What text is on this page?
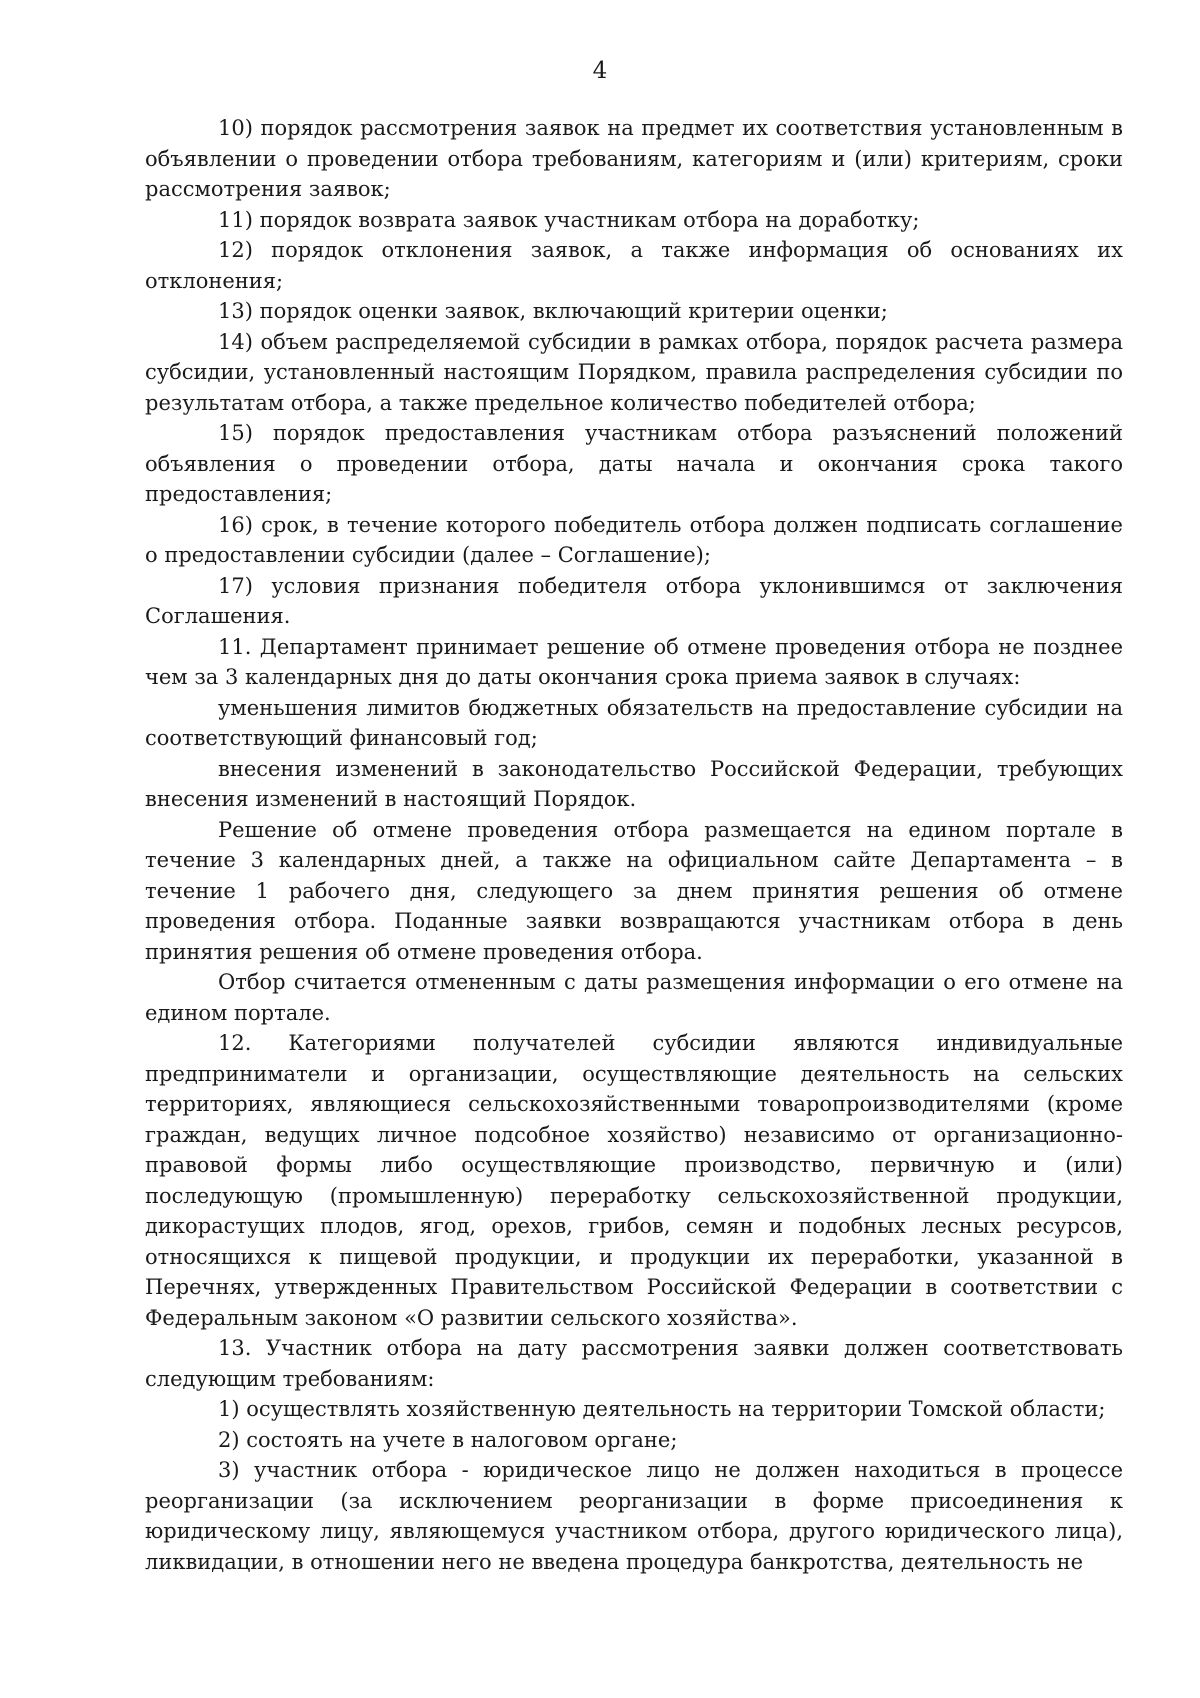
4

10) порядок рассмотрения заявок на предмет их соответствия установленным в объявлении о проведении отбора требованиям, категориям и (или) критериям, сроки рассмотрения заявок;

11) порядок возврата заявок участникам отбора на доработку;

12) порядок отклонения заявок, а также информация об основаниях их отклонения;

13) порядок оценки заявок, включающий критерии оценки;

14) объем распределяемой субсидии в рамках отбора, порядок расчета размера субсидии, установленный настоящим Порядком, правила распределения субсидии по результатам отбора, а также предельное количество победителей отбора;

15) порядок предоставления участникам отбора разъяснений положений объявления о проведении отбора, даты начала и окончания срока такого предоставления;

16) срок, в течение которого победитель отбора должен подписать соглашение о предоставлении субсидии (далее – Соглашение);

17) условия признания победителя отбора уклонившимся от заключения Соглашения.

11. Департамент принимает решение об отмене проведения отбора не позднее чем за 3 календарных дня до даты окончания срока приема заявок в случаях:

уменьшения лимитов бюджетных обязательств на предоставление субсидии на соответствующий финансовый год;

внесения изменений в законодательство Российской Федерации, требующих внесения изменений в настоящий Порядок.

Решение об отмене проведения отбора размещается на едином портале в течение 3 календарных дней, а также на официальном сайте Департамента – в течение 1 рабочего дня, следующего за днем принятия решения об отмене проведения отбора. Поданные заявки возвращаются участникам отбора в день принятия решения об отмене проведения отбора.

Отбор считается отмененным с даты размещения информации о его отмене на едином портале.

12. Категориями получателей субсидии являются индивидуальные предприниматели и организации, осуществляющие деятельность на сельских территориях, являющиеся сельскохозяйственными товаропроизводителями (кроме граждан, ведущих личное подсобное хозяйство) независимо от организационно-правовой формы либо осуществляющие производство, первичную и (или) последующую (промышленную) переработку сельскохозяйственной продукции, дикорастущих плодов, ягод, орехов, грибов, семян и подобных лесных ресурсов, относящихся к пищевой продукции, и продукции их переработки, указанной в Перечнях, утвержденных Правительством Российской Федерации в соответствии с Федеральным законом «О развитии сельского хозяйства».

13. Участник отбора на дату рассмотрения заявки должен соответствовать следующим требованиям:

1) осуществлять хозяйственную деятельность на территории Томской области;

2) состоять на учете в налоговом органе;

3) участник отбора - юридическое лицо не должен находиться в процессе реорганизации (за исключением реорганизации в форме присоединения к юридическому лицу, являющемуся участником отбора, другого юридического лица), ликвидации, в отношении него не введена процедура банкротства, деятельность не
